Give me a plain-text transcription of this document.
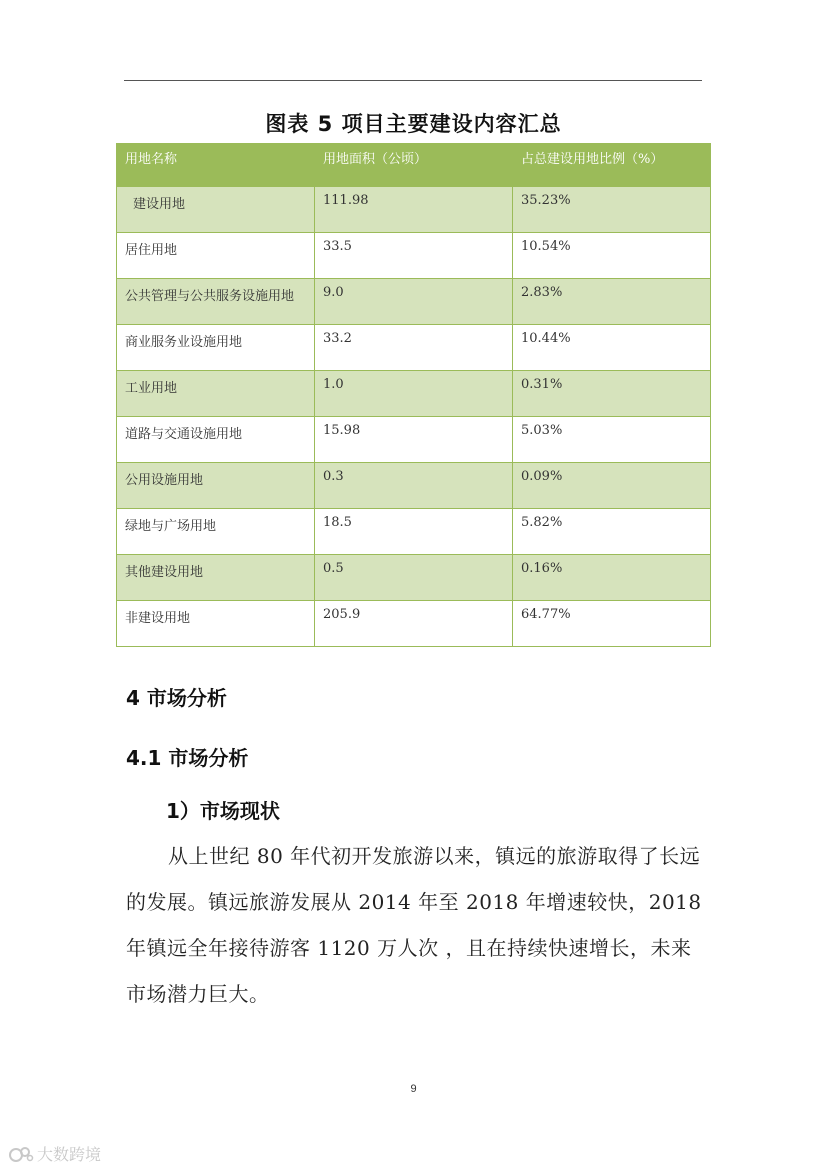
图表 5 项目主要建设内容汇总
用地名称	用地面积（公顷）	占总建设用地比例（%）
建设用地	111.98	35.23%
居住用地	33.5	10.54%
公共管理与公共服务设施用地	9.0	2.83%
商业服务业设施用地	33.2	10.44%
工业用地	1.0	0.31%
道路与交通设施用地	15.98	5.03%
公用设施用地	0.3	0.09%
绿地与广场用地	18.5	5.82%
其他建设用地	0.5	0.16%
非建设用地	205.9	64.77%
4 市场分析
4.1 市场分析
1）市场现状
从上世纪 80 年代初开发旅游以来，镇远的旅游取得了长远的发展。镇远旅游发展从 2014 年至 2018 年增速较快，2018 年镇远全年接待游客 1120 万人次 ，且在持续快速增长，未来市场潜力巨大。
9
大数跨境
